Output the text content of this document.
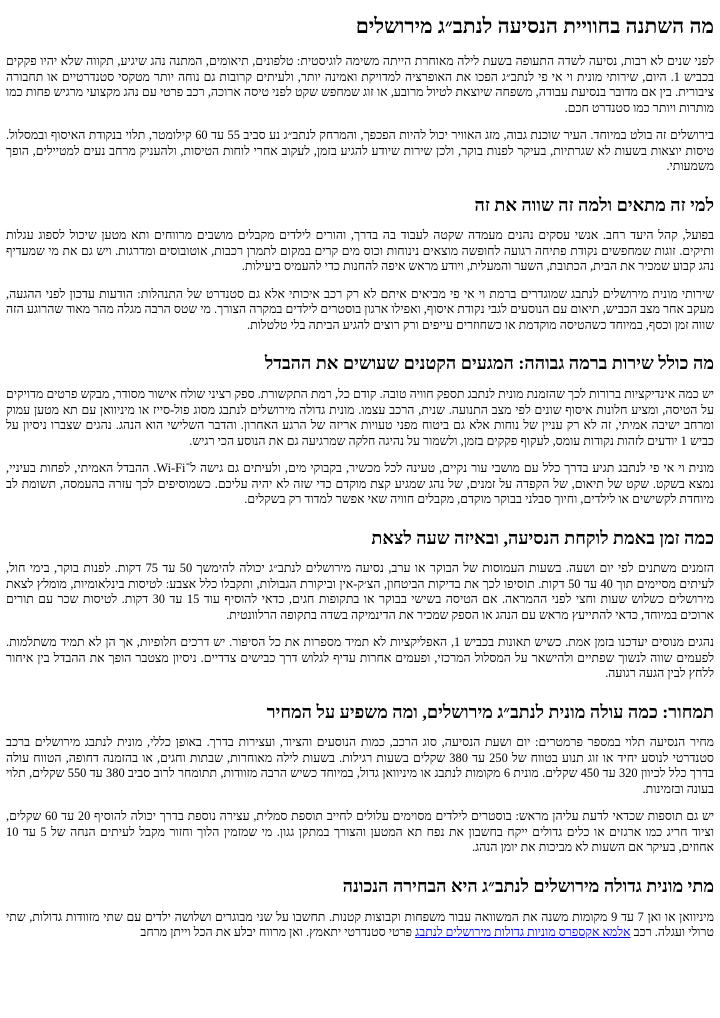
מה השתנה בחוויית הנסיעה לנתב״ג מירושלים

לפני שנים לא רבות, נסיעה לשדה התעופה בשעת לילה מאוחרת הייתה משימה לוגיסטית: טלפונים, תיאומים, המתנה נהג שיגיע, תקווה שלא יהיו פקקים בכביש 1. היום, שירותי מונית וי אי פי לנתב״ג הפכו את האופרציה למדויקת ואמינה יותר, ולעיתים קרובות גם נוחה יותר מטקסי סטנדרטיים או תחבורה ציבורית. בין אם מדובר בנסיעת עבודה, משפחה שיוצאת לטיול מרובע, או זוג שמחפש שקט לפני טיסה ארוכה, רכב פרטי עם נהג מקצועי מרגיש פחות כמו מותרות ויותר כמו סטנדרט חכם.

בירושלים זה בולט במיוחד. העיר שוכנת גבוה, מזג האוויר יכול להיות הפכפך, והמרחק לנתב״ג נע סביב 55 עד 60 קילומטר, תלוי בנקודת האיסוף ובמסלול. טיסות יוצאות בשעות לא שגרתיות, בעיקר לפנות בוקר, ולכן שירות שיודע להגיע בזמן, לעקוב אחרי לוחות הטיסות, ולהעניק מרחב נעים למטיילים, הופך משמעותי.

למי זה מתאים ולמה זה שווה את זה

בפועל, קהל היעד רחב. אנשי עסקים נהנים מעמדה שקטה לעבוד בה בדרך, והורים לילדים מקבלים מושבים מרווחים ותא מטען שיכול לספוג עגלות ותיקים. זוגות שמחפשים נקודת פתיחה רגועה לחופשה מוצאים נינוחות וכוס מים קרים במקום לתמרן רכבות, אוטובוסים ומדרגות. ויש גם את מי שמעדיף נהג קבוע שמכיר את הבית, הכתובת, השער והמעלית, ויודע מראש איפה להחנות כדי להעמיס ביעילות.

שירותי מונית מירושלים לנתבג שמוגדרים ברמת וי אי פי מביאים איתם לא רק רכב איכותי אלא גם סטנדרט של התנהלות: הודעות עדכון לפני ההגעה, מעקב אחר מצב הכביש, תיאום עם הנוסעים לגבי נקודת איסוף, ואפילו ארגון בוסטרים לילדים במקרה הצורך. מי שטס הרבה מגלה מהר מאוד שהרוגע הזה שווה זמן וכסף, במיוחד כשהטיסה מוקדמת או כשחוזרים עייפים ורק רוצים להגיע הביתה בלי טלטלות.

מה כולל שירות ברמה גבוהה: המגעים הקטנים שעושים את ההבדל

יש כמה אינדיקציות ברורות לכך שהזמנת מונית לנתבג תספק חוויה טובה. קודם כל, רמת התקשורת. ספק רציני שולח אישור מסודר, מבקש פרטים מדויקים על הטיסה, ומציע חלונות איסוף שונים לפי מצב התנועה. שנית, הרכב עצמו. מונית גדולה מירושלים לנתבג מסוג פול-סייז או מיניוואן עם תא מטען עמוק ומרחב ישיבה אמיתי, זה לא רק עניין של נוחות אלא גם ביטוח מפני טעויות אריזה של הרגע האחרון. והדבר השלישי הוא הנהג. נהגים שצברו ניסיון על כביש 1 יודעים לזהות נקודות עומס, לעקוף פקקים בזמן, ולשמור על נהיגה חלקה שמרגיעה גם את הנוסע הכי רגיש.

מונית וי אי פי לנתבג תגיע בדרך כלל עם מושבי עור נקיים, טעינה לכל מכשיר, בקבוקי מים, ולעיתים גם גישה ל־Wi-Fi. ההבדל האמיתי, לפחות בעיניי, נמצא בשקט. שקט של תיאום, של הקפדה על זמנים, של נהג שמגיע קצת מוקדם כדי שזה לא יהיה עליכם. כשמוסיפים לכך עזרה בהעמסה, תשומת לב מיוחדת לקשישים או לילדים, וחיוך סבלני בבוקר מוקדם, מקבלים חוויה שאי אפשר למדוד רק בשקלים.

כמה זמן באמת לוקחת הנסיעה, ובאיזה שעה לצאת

הזמנים משתנים לפי יום ושעה. בשעות העמוסות של הבוקר או ערב, נסיעה מירושלים לנתב״ג יכולה להימשך 50 עד 75 דקות. לפנות בוקר, בימי חול, לעיתים מסיימים תוך 40 עד 50 דקות. תוסיפו לכך את בדיקות הביטחון, הצ׳ק-אין וביקורת הגבולות, ותקבלו כלל אצבע: לטיסות בינלאומיות, מומלץ לצאת מירושלים כשלוש שעות וחצי לפני ההמראה. אם הטיסה בשישי בבוקר או בתקופות חגים, כדאי להוסיף עוד 15 עד 30 דקות. לטיסות שכר עם תורים ארוכים במיוחד, כדאי להתייעץ מראש עם הנהג או הספק שמכיר את הדינמיקה בשדה בתקופה הרלוונטית.

נהגים מנוסים יעדכנו בזמן אמת. כשיש תאונות בכביש 1, האפליקציות לא תמיד מספרות את כל הסיפור. יש דרכים חלופיות, אך הן לא תמיד משתלמות. לפעמים שווה לנשוך שפתיים ולהישאר על המסלול המרכזי, ופעמים אחרות עדיף לגלוש דרך כבישים צדדיים. ניסיון מצטבר הופך את ההבדל בין איחור ללחץ לבין הגעה רגועה.

תמחור: כמה עולה מונית לנתב״ג מירושלים, ומה משפיע על המחיר

מחיר הנסיעה תלוי במספר פרמטרים: יום ושעת הנסיעה, סוג הרכב, כמות הנוסעים והציוד, ועצירות בדרך. באופן כללי, מונית לנתבג מירושלים ברכב סטנדרטי לנוסע יחיד או זוג תנוע בטווח של 250 עד 380 שקלים בשעות רגילות. בשעות לילה מאוחרות, שבתות וחגים, או בהזמנה דחופה, הטווח עולה בדרך כלל לכיוון 320 עד 450 שקלים. מונית 6 מקומות לנתבג או מיניוואן גדול, במיוחד כשיש הרבה מזוודות, תתומחר לרוב סביב 380 עד 550 שקלים, תלוי בעונה ובזמינות.

יש גם תוספות שכדאי לדעת עליהן מראש: בוסטרים לילדים מסוימים עלולים לחייב תוספת סמלית, עצירה נוספת בדרך יכולה להוסיף 20 עד 60 שקלים, וציוד חריג כמו ארגזים או כלים גדולים ייקח בחשבון את נפח תא המטען והצורך במתקן גגון. מי שמזמין הלוך וחזור מקבל לעיתים הנחה של 5 עד 10 אחוזים, בעיקר אם השעות לא מביכות את יומן הנהג.

מתי מונית גדולה מירושלים לנתב״ג היא הבחירה הנכונה

מיניוואן או ואן 7 עד 9 מקומות משנה את המשוואה עבור משפחות וקבוצות קטנות. תחשבו על שני מבוגרים ושלושה ילדים עם שתי מזוודות גדולות, שתי טרולי ועגלה. רכב אלמא אקספרס מוניות גדולות מירושלים לנתבג פרטי סטנדרטי יתאמץ. ואן מרווח יבלע את הכל וייתן מרחב
